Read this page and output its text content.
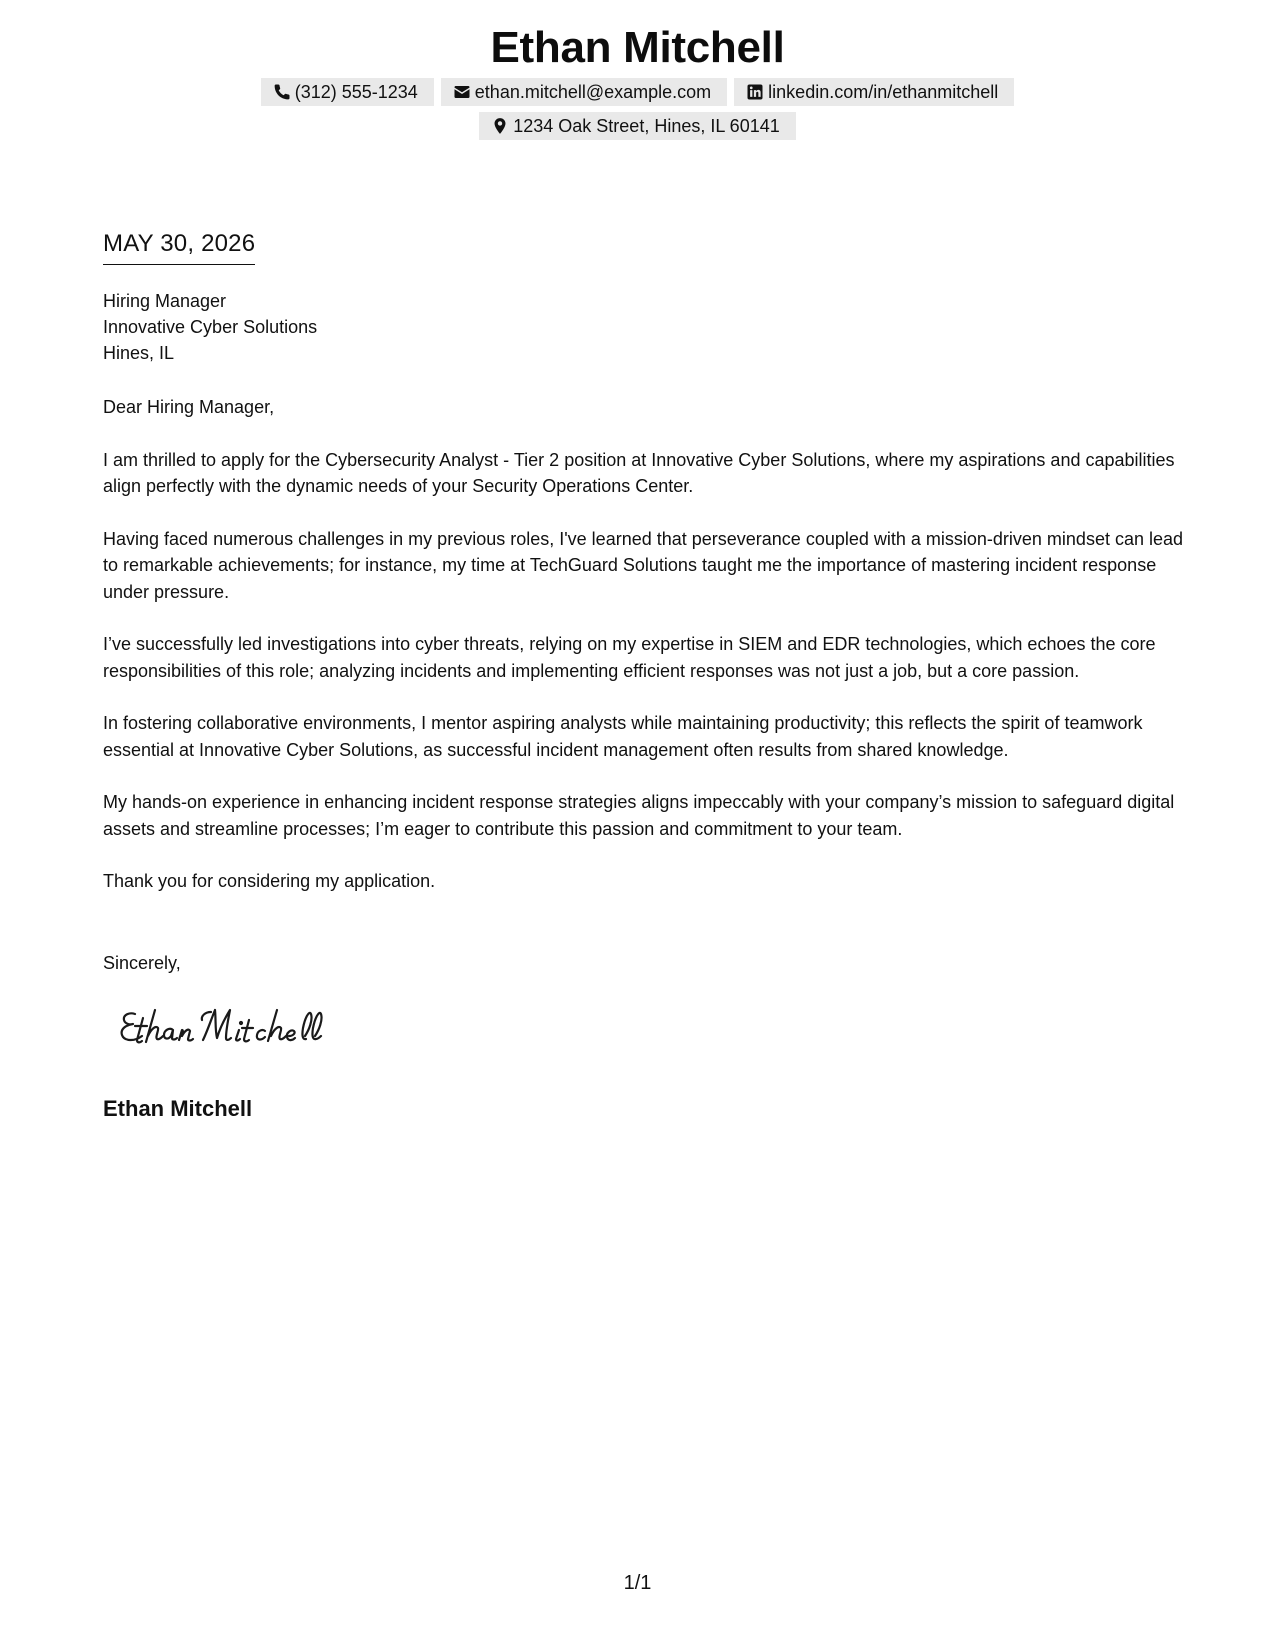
Ethan Mitchell
(312) 555-1234	ethan.mitchell@example.com	linkedin.com/in/ethanmitchell
1234 Oak Street, Hines, IL 60141
MAY 30, 2026
Hiring Manager
Innovative Cyber Solutions
Hines, IL

Dear Hiring Manager,

I am thrilled to apply for the Cybersecurity Analyst - Tier 2 position at Innovative Cyber Solutions, where my aspirations and capabilities align perfectly with the dynamic needs of your Security Operations Center.

Having faced numerous challenges in my previous roles, I've learned that perseverance coupled with a mission-driven mindset can lead to remarkable achievements; for instance, my time at TechGuard Solutions taught me the importance of mastering incident response under pressure.

I’ve successfully led investigations into cyber threats, relying on my expertise in SIEM and EDR technologies, which echoes the core responsibilities of this role; analyzing incidents and implementing efficient responses was not just a job, but a core passion.

In fostering collaborative environments, I mentor aspiring analysts while maintaining productivity; this reflects the spirit of teamwork essential at Innovative Cyber Solutions, as successful incident management often results from shared knowledge.

My hands-on experience in enhancing incident response strategies aligns impeccably with your company’s mission to safeguard digital assets and streamline processes; I’m eager to contribute this passion and commitment to your team.

Thank you for considering my application.

Sincerely,
Ethan Mitchell
1/1
